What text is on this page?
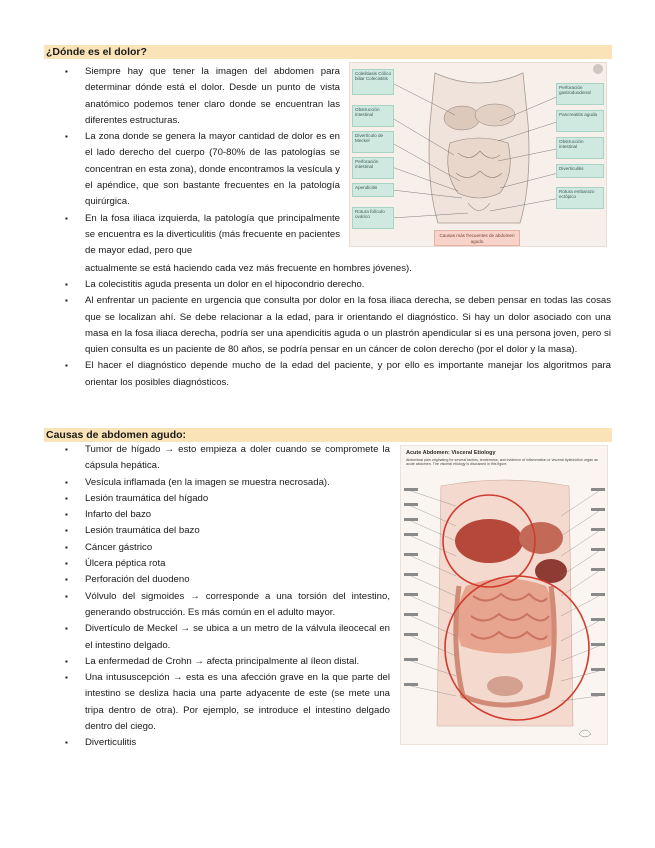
¿Dónde es el dolor?
▪ Siempre hay que tener la imagen del abdomen para determinar dónde está el dolor. Desde un punto de vista anatómico podemos tener claro donde se encuentran las diferentes estructuras.
▪ La zona donde se genera la mayor cantidad de dolor es en el lado derecho del cuerpo (70-80% de las patologías se concentran en esta zona), donde encontramos la vesícula y el apéndice, que son bastante frecuentes en la patología quirúrgica.
▪ En la fosa iliaca izquierda, la patología que principalmente se encuentra es la diverticulitis (más frecuente en pacientes de mayor edad, pero que
actualmente se está haciendo cada vez más frecuente en hombres jóvenes).
▪ La colecistitis aguda presenta un dolor en el hipocondrio derecho.
▪ Al enfrentar un paciente en urgencia que consulta por dolor en la fosa iliaca derecha, se deben pensar en todas las cosas que se localizan ahí. Se debe relacionar a la edad, para ir orientando el diagnóstico. Si hay un dolor asociado con una masa en la fosa iliaca derecha, podría ser una apendicitis aguda o un plastrón apendicular si es una persona joven, pero si quien consulta es un paciente de 80 años, se podría pensar en un cáncer de colon derecho (por el dolor y la masa).
▪ El hacer el diagnóstico depende mucho de la edad del paciente, y por ello es importante manejar los algoritmos para orientar los posibles diagnósticos.
Colelitiasis Cólico biliar Colecistitis
Obstrucción intestinal
Divertículo de Meckel
Perforación intestinal
Apendicitis
Rotura folículo ovárico
Perforación gastroduodenal
Pancreatitis aguda
Obstrucción intestinal
Diverticulitis
Rotura embarazo ectópico
Causas más frecuentes de abdomen agudo
Causas de abdomen agudo:
▪ Tumor de hígado → esto empieza a doler cuando se compromete la cápsula hepática.
▪ Vesícula inflamada (en la imagen se muestra necrosada).
▪ Lesión traumática del hígado
▪ Infarto del bazo
▪ Lesión traumática del bazo
▪ Cáncer gástrico
▪ Úlcera péptica rota
▪ Perforación del duodeno
▪ Vólvulo del sigmoides → corresponde a una torsión del intestino, generando obstrucción. Es más común en el adulto mayor.
▪ Divertículo de Meckel → se ubica a un metro de la válvula ileocecal en el intestino delgado.
▪ La enfermedad de Crohn → afecta principalmente al íleon distal.
▪ Una intususcepción → esta es una afección grave en la que parte del intestino se desliza hacia una parte adyacente de este (se mete una tripa dentro de otra). Por ejemplo, se introduce el intestino delgado dentro del ciego.
▪ Diverticulitis
Acute Abdomen: Visceral Etiology
Abdominal pain originating for several factors, tenderness, and evidence of inflammation or visceral dysfunction organ as acute abdomen. The visceral etiology is discussed in this figure.
